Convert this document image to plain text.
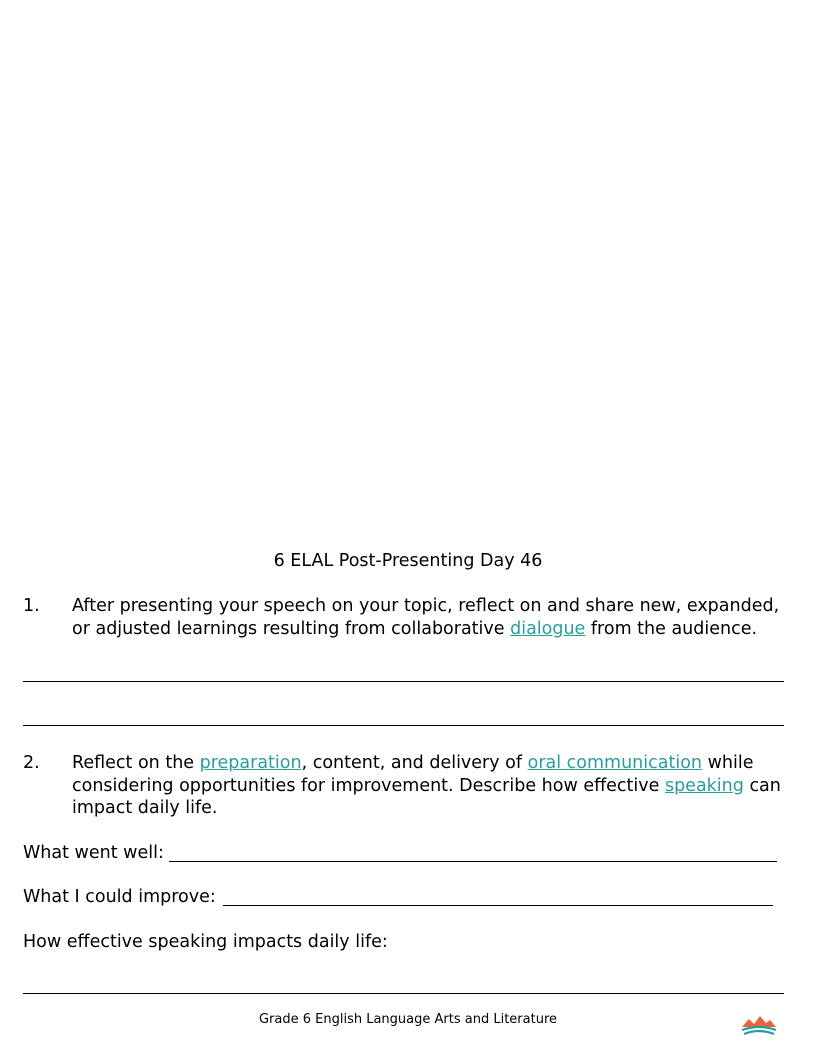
6 ELAL Post-Presenting Day 46
1. After presenting your speech on your topic, reflect on and share new, expanded,
or adjusted learnings resulting from collaborative dialogue from the audience.
2. Reflect on the preparation, content, and delivery of oral communication while
considering opportunities for improvement. Describe how effective speaking can
impact daily life.
What went well:
What I could improve:
How effective speaking impacts daily life:
Grade 6 English Language Arts and Literature
